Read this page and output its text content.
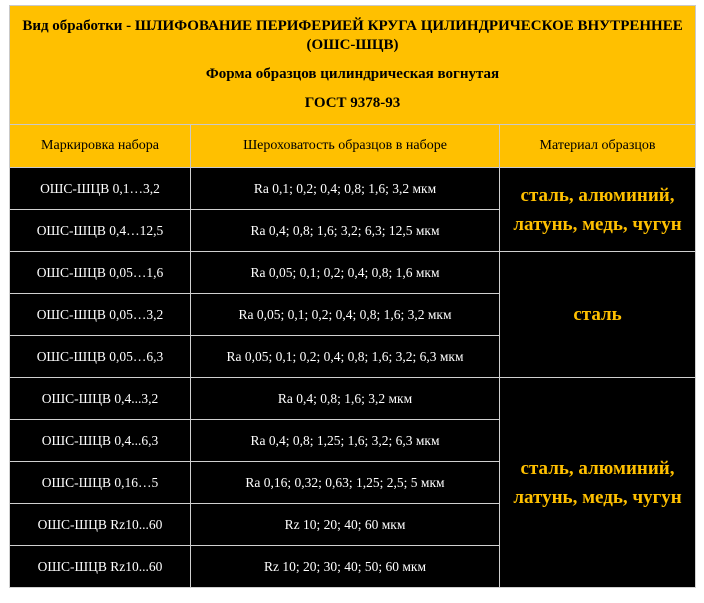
Вид обработки - ШЛИФОВАНИЕ ПЕРИФЕРИЕЙ КРУГА ЦИЛИНДРИЧЕСКОЕ ВНУТРЕННЕЕ (ОШС-ШЦВ)

Форма образцов цилиндрическая вогнутая

ГОСТ 9378-93		

Маркировка набора	Шероховатость образцов в наборе	Материал образцов
ОШС-ШЦВ 0,1…3,2	Ra 0,1; 0,2; 0,4; 0,8; 1,6; 3,2 мкм	сталь, алюминий, латунь, медь, чугун
ОШС-ШЦВ 0,4…12,5	Ra 0,4; 0,8; 1,6; 3,2; 6,3; 12,5 мкм	
ОШС-ШЦВ 0,05…1,6	Ra 0,05; 0,1; 0,2; 0,4; 0,8; 1,6 мкм	сталь
ОШС-ШЦВ 0,05…3,2	Ra 0,05; 0,1; 0,2; 0,4; 0,8; 1,6; 3,2 мкм	
ОШС-ШЦВ 0,05…6,3	Ra 0,05; 0,1; 0,2; 0,4; 0,8; 1,6; 3,2; 6,3 мкм	
ОШС-ШЦВ 0,4...3,2	Ra 0,4; 0,8; 1,6; 3,2 мкм	сталь, алюминий, латунь, медь, чугун
ОШС-ШЦВ 0,4...6,3	Ra 0,4; 0,8; 1,25; 1,6; 3,2; 6,3 мкм	
ОШС-ШЦВ 0,16…5	Ra 0,16; 0,32; 0,63; 1,25; 2,5; 5 мкм	
ОШС-ШЦВ Rz10...60	Rz 10; 20; 40; 60 мкм	
ОШС-ШЦВ Rz10...60	Rz 10; 20; 30; 40; 50; 60 мкм	
